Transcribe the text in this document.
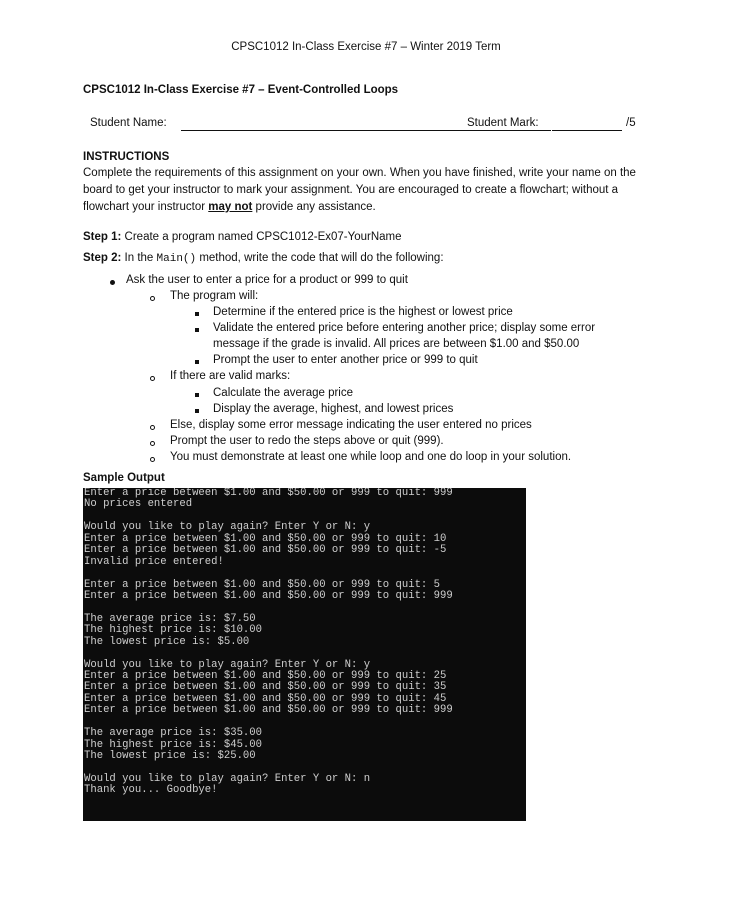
CPSC1012 In-Class Exercise #7 – Winter 2019 Term
CPSC1012 In-Class Exercise #7 – Event-Controlled Loops
Student Name:	Student Mark:	/5
INSTRUCTIONS
Complete the requirements of this assignment on your own. When you have finished, write your name on the board to get your instructor to mark your assignment. You are encouraged to create a flowchart; without a flowchart your instructor may not provide any assistance.
Step 1: Create a program named CPSC1012-Ex07-YourName
Step 2: In the Main() method, write the code that will do the following:
Ask the user to enter a price for a product or 999 to quit
The program will:
Determine if the entered price is the highest or lowest price
Validate the entered price before entering another price; display some error
message if the grade is invalid. All prices are between $1.00 and $50.00
Prompt the user to enter another price or 999 to quit
If there are valid marks:
Calculate the average price
Display the average, highest, and lowest prices
Else, display some error message indicating the user entered no prices
Prompt the user to redo the steps above or quit (999).
You must demonstrate at least one while loop and one do loop in your solution.
Sample Output
Enter a price between $1.00 and $50.00 or 999 to quit: 999
No prices entered
Would you like to play again? Enter Y or N: y
Enter a price between $1.00 and $50.00 or 999 to quit: 10
Enter a price between $1.00 and $50.00 or 999 to quit: -5
Invalid price entered!
Enter a price between $1.00 and $50.00 or 999 to quit: 5
Enter a price between $1.00 and $50.00 or 999 to quit: 999
The average price is: $7.50
The highest price is: $10.00
The lowest price is: $5.00
Would you like to play again? Enter Y or N: y
Enter a price between $1.00 and $50.00 or 999 to quit: 25
Enter a price between $1.00 and $50.00 or 999 to quit: 35
Enter a price between $1.00 and $50.00 or 999 to quit: 45
Enter a price between $1.00 and $50.00 or 999 to quit: 999
The average price is: $35.00
The highest price is: $45.00
The lowest price is: $25.00
Would you like to play again? Enter Y or N: n
Thank you... Goodbye!
